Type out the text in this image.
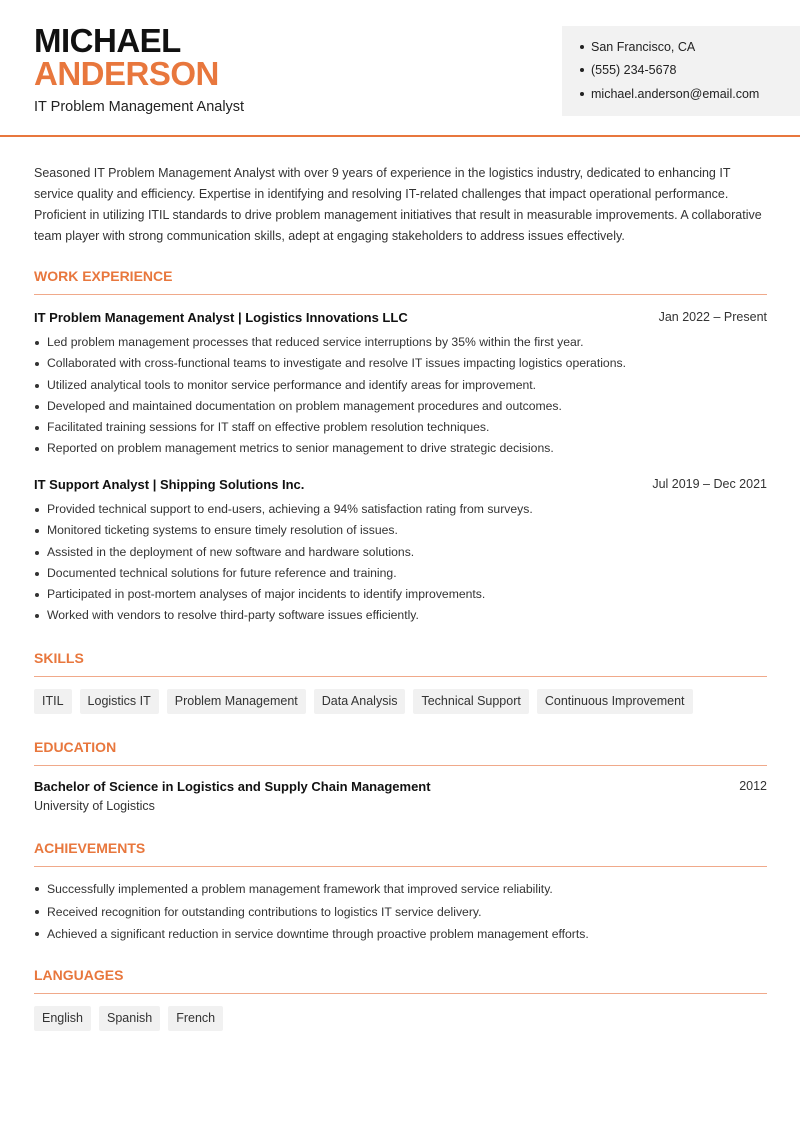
MICHAEL
ANDERSON
IT Problem Management Analyst
San Francisco, CA
(555) 234-5678
michael.anderson@email.com
Seasoned IT Problem Management Analyst with over 9 years of experience in the logistics industry, dedicated to enhancing IT service quality and efficiency. Expertise in identifying and resolving IT-related challenges that impact operational performance. Proficient in utilizing ITIL standards to drive problem management initiatives that result in measurable improvements. A collaborative team player with strong communication skills, adept at engaging stakeholders to address issues effectively.
WORK EXPERIENCE
IT Problem Management Analyst | Logistics Innovations LLC	Jan 2022 – Present
Led problem management processes that reduced service interruptions by 35% within the first year.
Collaborated with cross-functional teams to investigate and resolve IT issues impacting logistics operations.
Utilized analytical tools to monitor service performance and identify areas for improvement.
Developed and maintained documentation on problem management procedures and outcomes.
Facilitated training sessions for IT staff on effective problem resolution techniques.
Reported on problem management metrics to senior management to drive strategic decisions.
IT Support Analyst | Shipping Solutions Inc.	Jul 2019 – Dec 2021
Provided technical support to end-users, achieving a 94% satisfaction rating from surveys.
Monitored ticketing systems to ensure timely resolution of issues.
Assisted in the deployment of new software and hardware solutions.
Documented technical solutions for future reference and training.
Participated in post-mortem analyses of major incidents to identify improvements.
Worked with vendors to resolve third-party software issues efficiently.
SKILLS
ITIL	Logistics IT	Problem Management	Data Analysis	Technical Support	Continuous Improvement
EDUCATION
Bachelor of Science in Logistics and Supply Chain Management	2012
University of Logistics
ACHIEVEMENTS
Successfully implemented a problem management framework that improved service reliability.
Received recognition for outstanding contributions to logistics IT service delivery.
Achieved a significant reduction in service downtime through proactive problem management efforts.
LANGUAGES
English	Spanish	French
